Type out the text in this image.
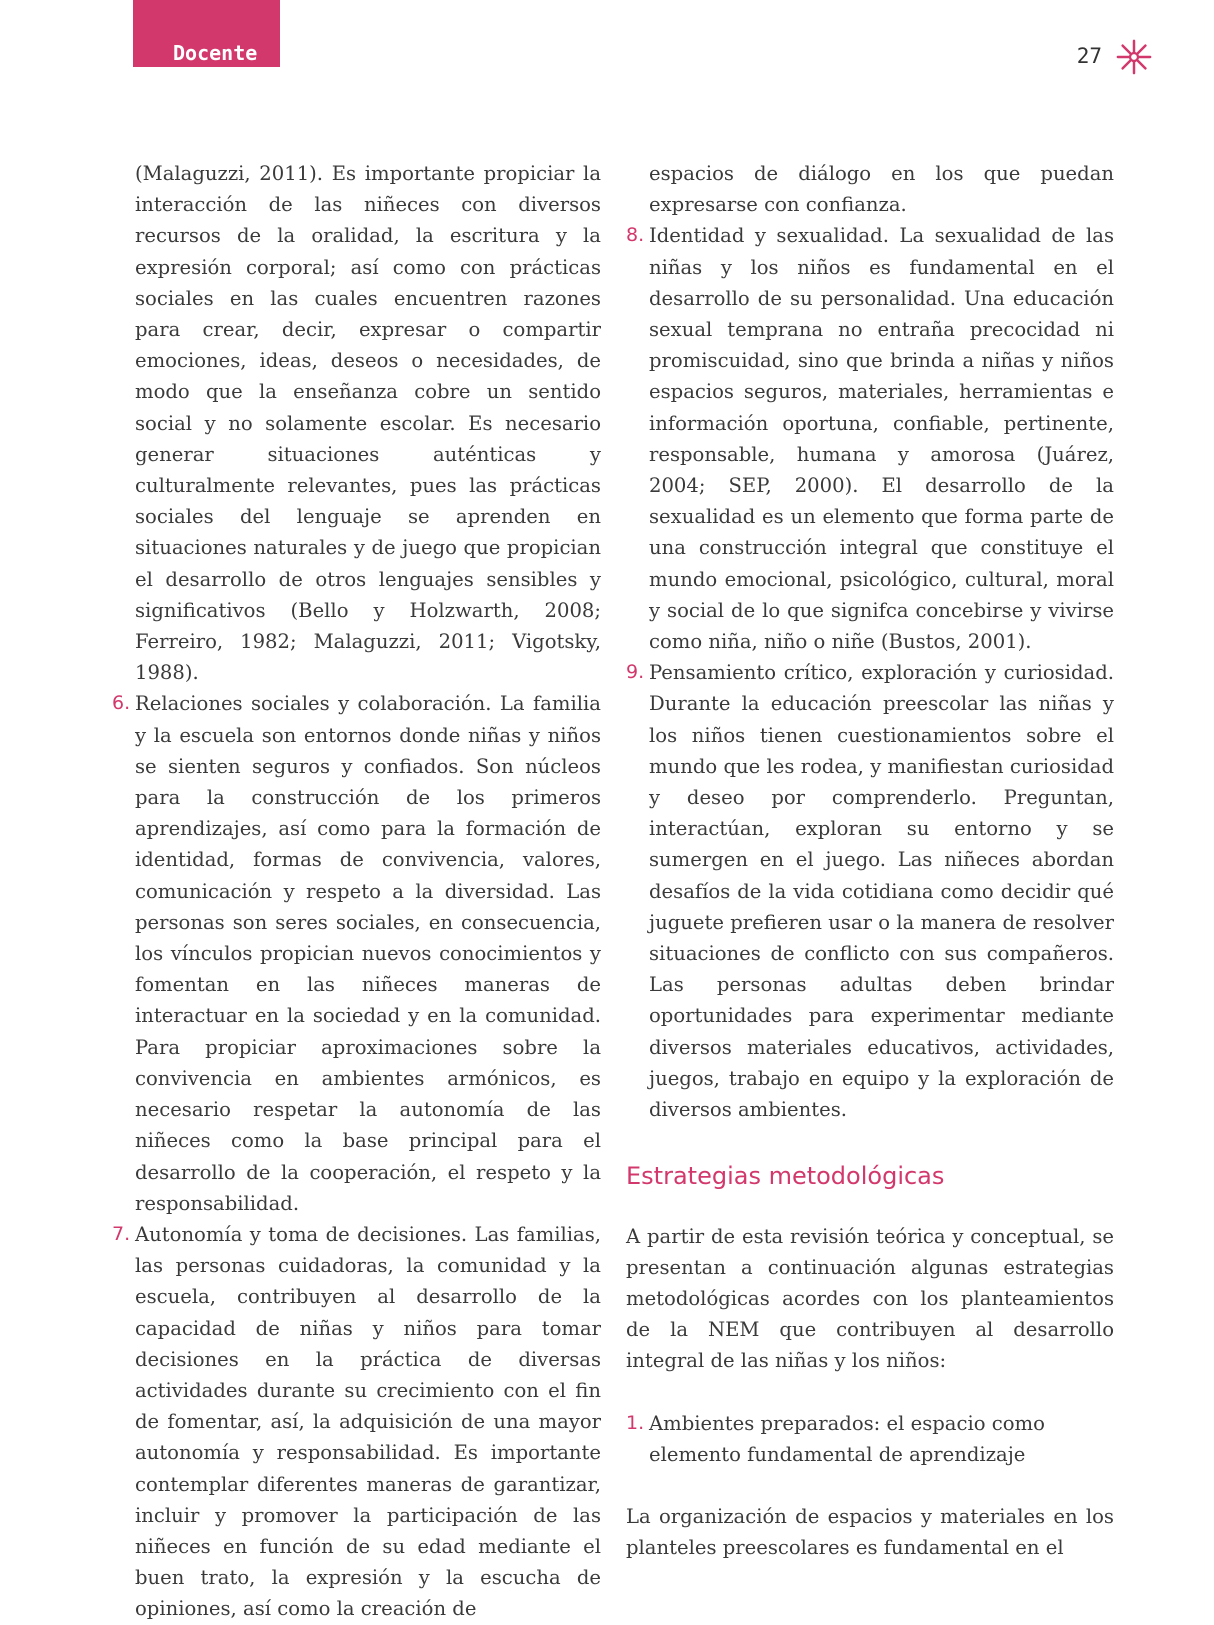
Docente	27

(Malaguzzi, 2011). Es importante propiciar la interacción de las niñeces con diversos recursos de la oralidad, la escritura y la expresión corporal; así como con prácticas sociales en las cuales encuentren razones para crear, decir, expresar o compartir emociones, ideas, deseos o necesidades, de modo que la enseñanza cobre un sentido social y no solamente escolar. Es necesario generar situaciones auténticas y culturalmente relevantes, pues las prácticas sociales del lenguaje se aprenden en situaciones naturales y de juego que propician el desarrollo de otros lenguajes sensibles y significativos (Bello y Holzwarth, 2008; Ferreiro, 1982; Malaguzzi, 2011; Vigotsky, 1988).

6. Relaciones sociales y colaboración. La familia y la escuela son entornos donde niñas y niños se sienten seguros y confiados. Son núcleos para la construcción de los primeros aprendizajes, así como para la formación de identidad, formas de convivencia, valores, comunicación y respeto a la diversidad. Las personas son seres sociales, en consecuencia, los vínculos propician nuevos conocimientos y fomentan en las niñeces maneras de interactuar en la sociedad y en la comunidad. Para propiciar aproximaciones sobre la convivencia en ambientes armónicos, es necesario respetar la autonomía de las niñeces como la base principal para el desarrollo de la cooperación, el respeto y la responsabilidad.

7. Autonomía y toma de decisiones. Las familias, las personas cuidadoras, la comunidad y la escuela, contribuyen al desarrollo de la capacidad de niñas y niños para tomar decisiones en la práctica de diversas actividades durante su crecimiento con el fin de fomentar, así, la adquisición de una mayor autonomía y responsabilidad. Es importante contemplar diferentes maneras de garantizar, incluir y promover la participación de las niñeces en función de su edad mediante el buen trato, la expresión y la escucha de opiniones, así como la creación de

espacios de diálogo en los que puedan expresarse con confianza.

8. Identidad y sexualidad. La sexualidad de las niñas y los niños es fundamental en el desarrollo de su personalidad. Una educación sexual temprana no entraña precocidad ni promiscuidad, sino que brinda a niñas y niños espacios seguros, materiales, herramientas e información oportuna, confiable, pertinente, responsable, humana y amorosa (Juárez, 2004; SEP, 2000). El desarrollo de la sexualidad es un elemento que forma parte de una construcción integral que constituye el mundo emocional, psicológico, cultural, moral y social de lo que signifca concebirse y vivirse como niña, niño o niñe (Bustos, 2001).

9. Pensamiento crítico, exploración y curiosidad. Durante la educación preescolar las niñas y los niños tienen cuestionamientos sobre el mundo que les rodea, y manifiestan curiosidad y deseo por comprenderlo. Preguntan, interactúan, exploran su entorno y se sumergen en el juego. Las niñeces abordan desafíos de la vida cotidiana como decidir qué juguete prefieren usar o la manera de resolver situaciones de conflicto con sus compañeros. Las personas adultas deben brindar oportunidades para experimentar mediante diversos materiales educativos, actividades, juegos, trabajo en equipo y la exploración de diversos ambientes.

Estrategias metodológicas

A partir de esta revisión teórica y conceptual, se presentan a continuación algunas estrategias metodológicas acordes con los planteamientos de la NEM que contribuyen al desarrollo integral de las niñas y los niños:

1. Ambientes preparados: el espacio como elemento fundamental de aprendizaje

La organización de espacios y materiales en los planteles preescolares es fundamental en el
